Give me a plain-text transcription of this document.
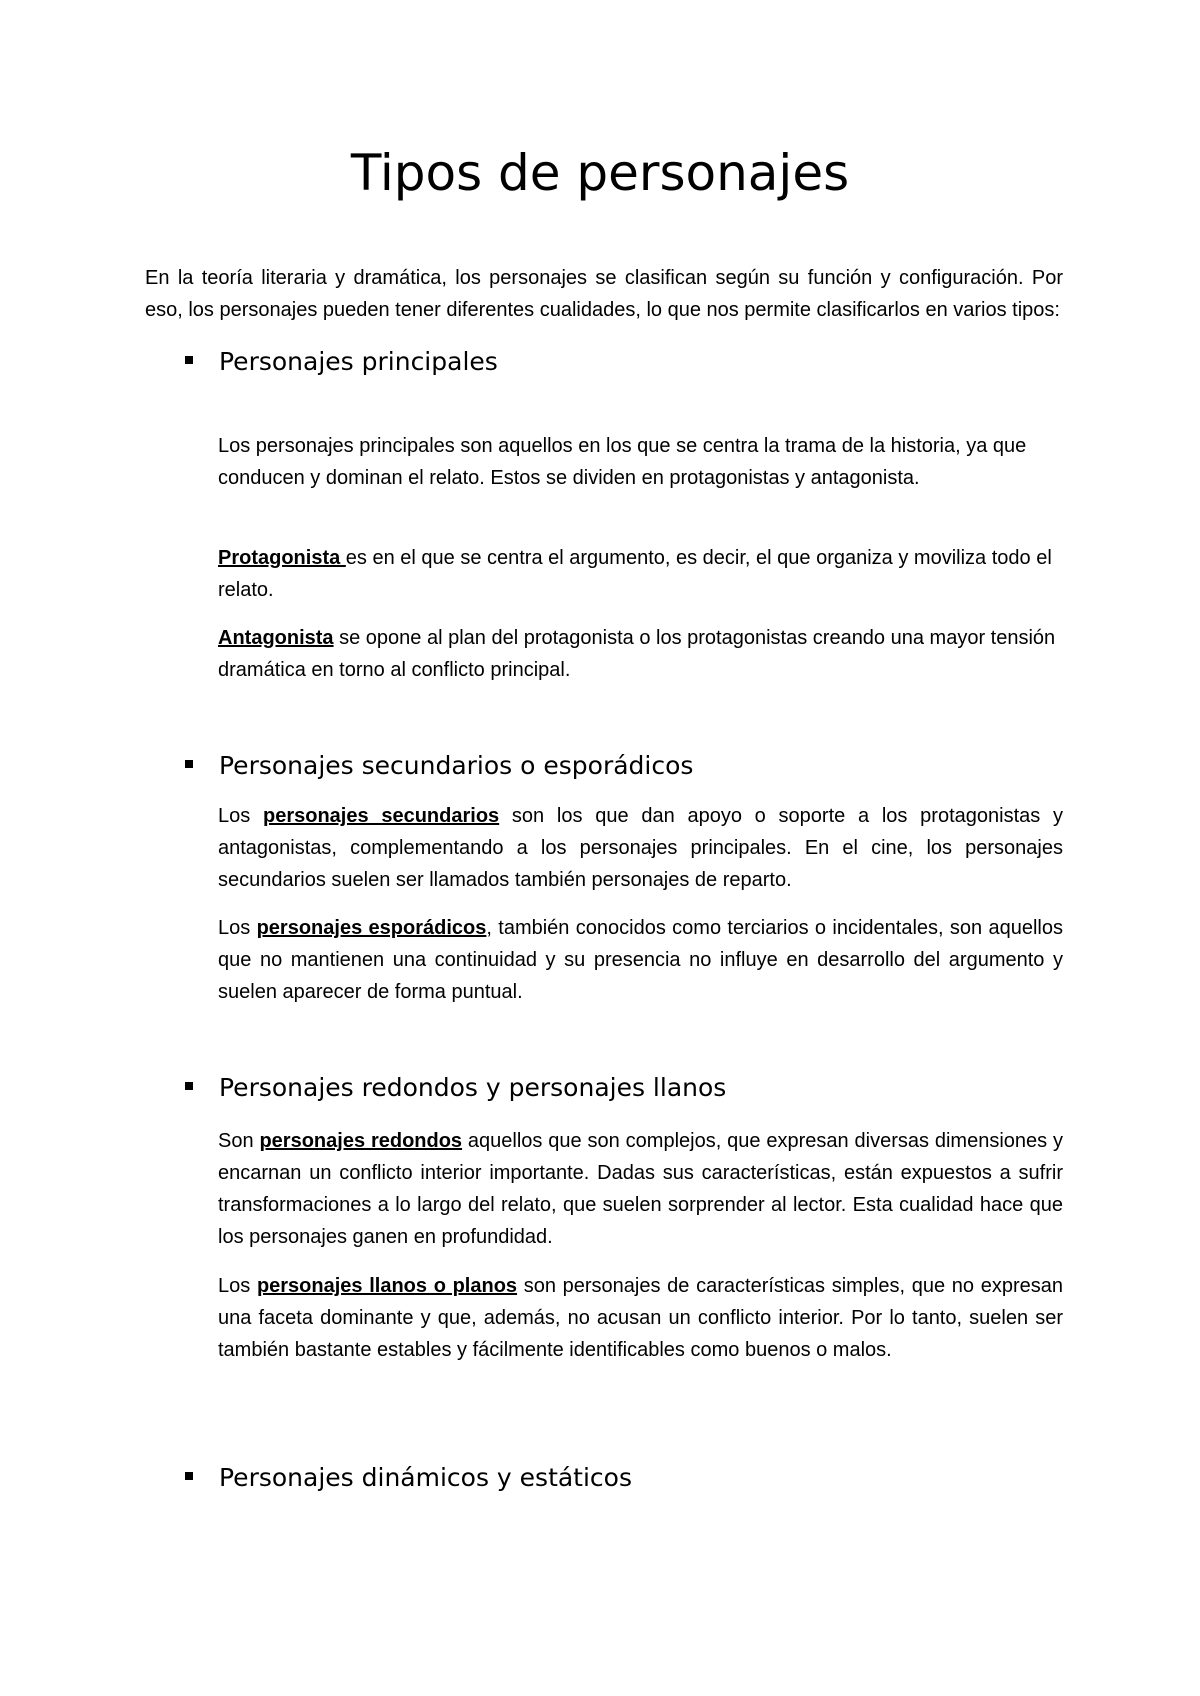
Tipos de personajes

En la teoría literaria y dramática, los personajes se clasifican según su función y configuración. Por eso, los personajes pueden tener diferentes cualidades, lo que nos permite clasificarlos en varios tipos:

Personajes principales

Los personajes principales son aquellos en los que se centra la trama de la historia, ya que conducen y dominan el relato. Estos se dividen en protagonistas y antagonista.

Protagonista es en el que se centra el argumento, es decir, el que organiza y moviliza todo el relato.

Antagonista se opone al plan del protagonista o los protagonistas creando una mayor tensión dramática en torno al conflicto principal.

Personajes secundarios o esporádicos

Los personajes secundarios son los que dan apoyo o soporte a los protagonistas y antagonistas, complementando a los personajes principales. En el cine, los personajes secundarios suelen ser llamados también personajes de reparto.

Los personajes esporádicos, también conocidos como terciarios o incidentales, son aquellos que no mantienen una continuidad y su presencia no influye en desarrollo del argumento y suelen aparecer de forma puntual.

Personajes redondos y personajes llanos

Son personajes redondos aquellos que son complejos, que expresan diversas dimensiones y encarnan un conflicto interior importante. Dadas sus características, están expuestos a sufrir transformaciones a lo largo del relato, que suelen sorprender al lector. Esta cualidad hace que los personajes ganen en profundidad.

Los personajes llanos o planos son personajes de características simples, que no expresan una faceta dominante y que, además, no acusan un conflicto interior. Por lo tanto, suelen ser también bastante estables y fácilmente identificables como buenos o malos.

Personajes dinámicos y estáticos
